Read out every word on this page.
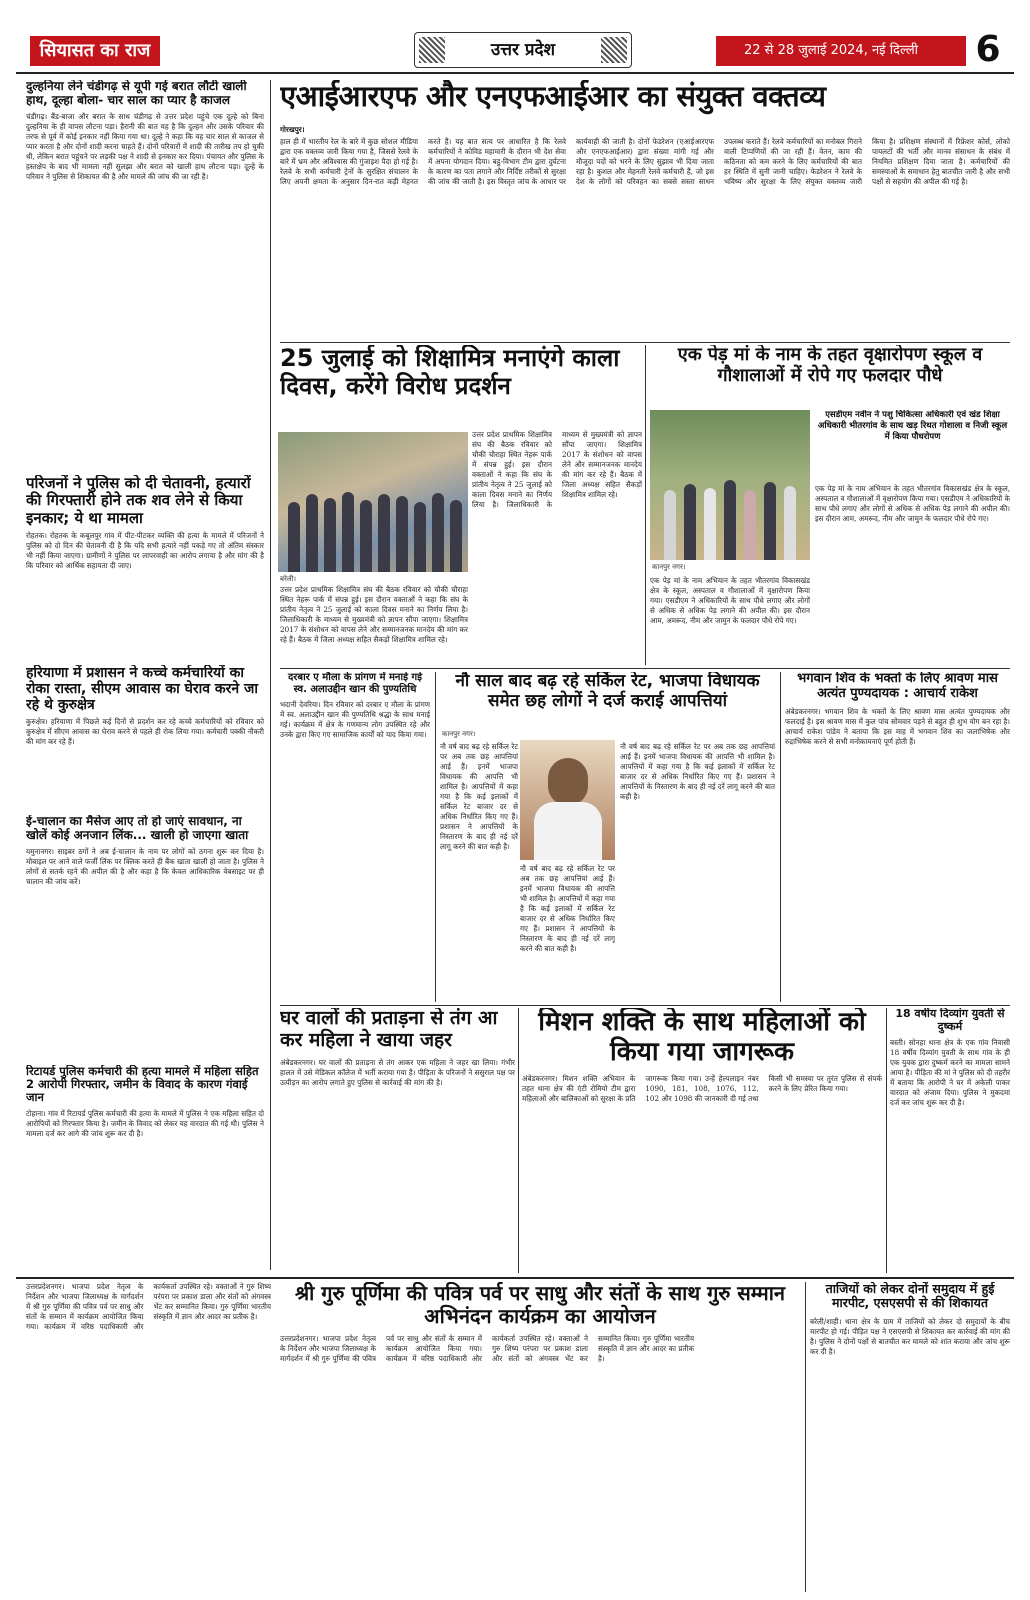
सियासत का राज	उत्तर प्रदेश	22 से 28 जुलाई 2024, नई दिल्ली	6
दुल्हनिया लेने चंडीगढ़ से यूपी गई बरात लौटी खाली हाथ, दूल्हा बोला- चार साल का प्यार है काजल
चंडीगढ़। बैंड-बाजा और बरात के साथ चंडीगढ़ से उत्तर प्रदेश पहुंचे एक दूल्हे को बिना दुल्हनिया के ही वापस लौटना पड़ा। हैरानी की बात यह है कि दुल्हन और उसके परिवार की तरफ से पूर्व में कोई इनकार नहीं किया गया था। दूल्हे ने कहा कि वह चार साल से काजल से प्यार करता है और दोनों शादी करना चाहते हैं। दोनों परिवारों में शादी की तारीख तय हो चुकी थी, लेकिन बरात पहुंचने पर लड़की पक्ष ने शादी से इनकार कर दिया। पंचायत और पुलिस के हस्तक्षेप के बाद भी मामला नहीं सुलझा और बरात को खाली हाथ लौटना पड़ा। दूल्हे के परिवार ने पुलिस से शिकायत की है और मामले की जांच की जा रही है।
परिजनों ने पुलिस को दी चेतावनी, हत्यारों की गिरफ्तारी होने तक शव लेने से किया इनकार; ये था मामला
रोहतक। रोहतक के कबूलपुर गांव में पीट-पीटकर व्यक्ति की हत्या के मामले में परिजनों ने पुलिस को दो दिन की चेतावनी दी है कि यदि सभी हत्यारे नहीं पकड़े गए तो अंतिम संस्कार भी नहीं किया जाएगा। ग्रामीणों ने पुलिस पर लापरवाही का आरोप लगाया है और मांग की है कि परिवार को आर्थिक सहायता दी जाए।
हरियाणा में प्रशासन ने कच्चे कर्मचारियों का रोका रास्ता, सीएम आवास का घेराव करने जा रहे थे कुरुक्षेत्र
कुरुक्षेत्र। हरियाणा में पिछले कई दिनों से प्रदर्शन कर रहे कच्चे कर्मचारियों को रविवार को कुरुक्षेत्र में सीएम आवास का घेराव करने से पहले ही रोक लिया गया। कर्मचारी पक्की नौकरी की मांग कर रहे हैं।
ई-चालान का मैसेज आए तो हो जाएं सावधान, ना खोलें कोई अनजान लिंक... खाली हो जाएगा खाता
यमुनानगर। साइबर ठगों ने अब ई-चालान के नाम पर लोगों को ठगना शुरू कर दिया है। मोबाइल पर आने वाले फर्जी लिंक पर क्लिक करते ही बैंक खाता खाली हो जाता है। पुलिस ने लोगों से सतर्क रहने की अपील की है और कहा है कि केवल आधिकारिक वेबसाइट पर ही चालान की जांच करें।
रिटायर्ड पुलिस कर्मचारी की हत्या मामले में महिला सहित 2 आरोपी गिरफ्तार, जमीन के विवाद के कारण गंवाई जान
टोहाना। गांव में रिटायर्ड पुलिस कर्मचारी की हत्या के मामले में पुलिस ने एक महिला सहित दो आरोपियों को गिरफ्तार किया है। जमीन के विवाद को लेकर यह वारदात की गई थी। पुलिस ने मामला दर्ज कर आगे की जांच शुरू कर दी है।
एआईआरएफ और एनएफआईआर का संयुक्त वक्तव्य
गोरखपुर।
हाल ही में भारतीय रेल के बारे में कुछ सोशल मीडिया द्वारा एक वक्तव्य जारी किया गया है, जिससे रेलवे के बारे में भ्रम और अविश्वास की गुंजाइश पैदा हो गई है। रेलवे के सभी कर्मचारी ट्रेनों के सुरक्षित संचालन के लिए अपनी क्षमता के अनुसार दिन-रात कड़ी मेहनत करते हैं। यह बात सत्य पर आधारित है कि रेलवे कर्मचारियों ने कोविड महामारी के दौरान भी देश सेवा में अपना योगदान दिया। बहु-विभाग टीम द्वारा दुर्घटना के कारण का पता लगाने और निर्दिष्ट तरीकों से सुरक्षा की जांच की जाती है। इस विस्तृत जांच के आधार पर कार्यवाही की जाती है। दोनों फेडरेशन (एआईआरएफ और एनएफआईआर) द्वारा संख्या मांगी गई और मौजूदा पदों को भरने के लिए सुझाव भी दिया जाता रहा है। कुशल और मेहनती रेलवे कर्मचारी हैं, जो इस देश के लोगों को परिवहन का सबसे सस्ता साधन उपलब्ध कराते हैं। रेलवे कर्मचारियों का मनोबल गिराने वाली टिप्पणियों की जा रही हैं। वेतन, काम की कठिनता को कम करने के लिए कर्मचारियों की बात हर स्थिति में सुनी जानी चाहिए। फेडरेशन ने रेलवे के भविष्य और सुरक्षा के लिए संयुक्त वक्तव्य जारी किया है। प्रशिक्षण संस्थानों में रिफ्रेशर कोर्स, लोको पायलटों की भर्ती और मानव संसाधन के संबंध में नियमित प्रशिक्षण दिया जाता है। कर्मचारियों की समस्याओं के समाधान हेतु बातचीत जारी है और सभी पक्षों से सहयोग की अपील की गई है।
25 जुलाई को शिक्षामित्र मनाएंगे काला दिवस, करेंगे विरोध प्रदर्शन
बरेली।
उत्तर प्रदेश प्राथमिक शिक्षामित्र संघ की बैठक रविवार को चौकी चौराहा स्थित नेहरू पार्क में संपन्न हुई। इस दौरान वक्ताओं ने कहा कि संघ के प्रांतीय नेतृत्व ने 25 जुलाई को काला दिवस मनाने का निर्णय लिया है। जिलाधिकारी के माध्यम से मुख्यमंत्री को ज्ञापन सौंपा जाएगा। शिक्षामित्र 2017 के संशोधन को वापस लेने और सम्मानजनक मानदेय की मांग कर रहे हैं। बैठक में जिला अध्यक्ष सहित सैकड़ों शिक्षामित्र शामिल रहे।
उत्तर प्रदेश प्राथमिक शिक्षामित्र संघ की बैठक रविवार को चौकी चौराहा स्थित नेहरू पार्क में संपन्न हुई। इस दौरान वक्ताओं ने कहा कि संघ के प्रांतीय नेतृत्व ने 25 जुलाई को काला दिवस मनाने का निर्णय लिया है। जिलाधिकारी के माध्यम से मुख्यमंत्री को ज्ञापन सौंपा जाएगा। शिक्षामित्र 2017 के संशोधन को वापस लेने और सम्मानजनक मानदेय की मांग कर रहे हैं। बैठक में जिला अध्यक्ष सहित सैकड़ों शिक्षामित्र शामिल रहे।
एक पेड़ मां के नाम के तहत वृक्षारोपण स्कूल व गौशालाओं में रोपे गए फलदार पौधे
कानपुर नगर।
एसडीएम नवीन ने पशु चिकित्सा अधिकारी एवं खंड शिक्षा अधिकारी भीतरगांव के साथ खड़ रिथत गोशाला व निजी स्कूल में किया पौधरोपण
एक पेड़ मां के नाम अभियान के तहत भीतरगांव विकासखंड क्षेत्र के स्कूल, अस्पताल व गौशालाओं में वृक्षारोपण किया गया। एसडीएम ने अधिकारियों के साथ पौधे लगाए और लोगों से अधिक से अधिक पेड़ लगाने की अपील की। इस दौरान आम, अमरूद, नीम और जामुन के फलदार पौधे रोपे गए।
एक पेड़ मां के नाम अभियान के तहत भीतरगांव विकासखंड क्षेत्र के स्कूल, अस्पताल व गौशालाओं में वृक्षारोपण किया गया। एसडीएम ने अधिकारियों के साथ पौधे लगाए और लोगों से अधिक से अधिक पेड़ लगाने की अपील की। इस दौरान आम, अमरूद, नीम और जामुन के फलदार पौधे रोपे गए।
दरबार ए मौला के प्रांगण में मनाई गई स्व. अलाउद्दीन खान की पुण्यतिथि
भदानी देवरिया। दिन रविवार को दरबार ए मौला के प्रांगण में स्व. अलाउद्दीन खान की पुण्यतिथि श्रद्धा के साथ मनाई गई। कार्यक्रम में क्षेत्र के गणमान्य लोग उपस्थित रहे और उनके द्वारा किए गए सामाजिक कार्यों को याद किया गया।
नौ साल बाद बढ़ रहे सर्किल रेट, भाजपा विधायक समेत छह लोगों ने दर्ज कराई आपत्तियां
कानपुर नगर।
नौ वर्ष बाद बढ़ रहे सर्किल रेट पर अब तक छह आपत्तियां आई हैं। इनमें भाजपा विधायक की आपत्ति भी शामिल है। आपत्तियों में कहा गया है कि कई इलाकों में सर्किल रेट बाजार दर से अधिक निर्धारित किए गए हैं। प्रशासन ने आपत्तियों के निस्तारण के बाद ही नई दरें लागू करने की बात कही है।
नौ वर्ष बाद बढ़ रहे सर्किल रेट पर अब तक छह आपत्तियां आई हैं। इनमें भाजपा विधायक की आपत्ति भी शामिल है। आपत्तियों में कहा गया है कि कई इलाकों में सर्किल रेट बाजार दर से अधिक निर्धारित किए गए हैं। प्रशासन ने आपत्तियों के निस्तारण के बाद ही नई दरें लागू करने की बात कही है।
नौ वर्ष बाद बढ़ रहे सर्किल रेट पर अब तक छह आपत्तियां आई हैं। इनमें भाजपा विधायक की आपत्ति भी शामिल है। आपत्तियों में कहा गया है कि कई इलाकों में सर्किल रेट बाजार दर से अधिक निर्धारित किए गए हैं। प्रशासन ने आपत्तियों के निस्तारण के बाद ही नई दरें लागू करने की बात कही है।
भगवान शिव के भक्तों के लिए श्रावण मास अत्यंत पुण्यदायक : आचार्य राकेश
अंबेडकरनगर। भगवान शिव के भक्तों के लिए श्रावण मास अत्यंत पुण्यदायक और फलदाई है। इस श्रावण मास में कुल पांच सोमवार पड़ने से बहुत ही शुभ योग बन रहा है। आचार्य राकेश पांडेय ने बताया कि इस माह में भगवान शिव का जलाभिषेक और रुद्राभिषेक करने से सभी मनोकामनाएं पूर्ण होती हैं।
घर वालों की प्रताड़ना से तंग आ कर महिला ने खाया जहर
अंबेडकरनगर। घर वालों की प्रताड़ना से तंग आकर एक महिला ने जहर खा लिया। गंभीर हालत में उसे मेडिकल कॉलेज में भर्ती कराया गया है। पीड़िता के परिजनों ने ससुराल पक्ष पर उत्पीड़न का आरोप लगाते हुए पुलिस से कार्रवाई की मांग की है।
मिशन शक्ति के साथ महिलाओं को किया गया जागरूक
अंबेडकरनगर। मिशन शक्ति अभियान के तहत थाना क्षेत्र की एंटी रोमियो टीम द्वारा महिलाओं और बालिकाओं को सुरक्षा के प्रति जागरूक किया गया। उन्हें हेल्पलाइन नंबर 1090, 181, 108, 1076, 112, 102 और 1098 की जानकारी दी गई तथा किसी भी समस्या पर तुरंत पुलिस से संपर्क करने के लिए प्रेरित किया गया।
18 वर्षीय दिव्यांग युवती से दुष्कर्म
बस्ती। सोनहा थाना क्षेत्र के एक गांव निवासी 18 वर्षीय दिव्यांग युवती के साथ गांव के ही एक युवक द्वारा दुष्कर्म करने का मामला सामने आया है। पीड़िता की मां ने पुलिस को दी तहरीर में बताया कि आरोपी ने घर में अकेली पाकर वारदात को अंजाम दिया। पुलिस ने मुकदमा दर्ज कर जांच शुरू कर दी है।
श्री गुरु पूर्णिमा की पवित्र पर्व पर साधु और संतों के साथ गुरु सम्मान अभिनंदन कार्यक्रम का आयोजन
उत्तरप्रदेशनगर। भाजपा प्रदेश नेतृत्व के निर्देशन और भाजपा जिलाध्यक्ष के मार्गदर्शन में श्री गुरु पूर्णिमा की पवित्र पर्व पर साधु और संतों के सम्मान में कार्यक्रम आयोजित किया गया। कार्यक्रम में वरिष्ठ पदाधिकारी और कार्यकर्ता उपस्थित रहे। वक्ताओं ने गुरु शिष्य परंपरा पर प्रकाश डाला और संतों को अंगवस्त्र भेंट कर सम्मानित किया। गुरु पूर्णिमा भारतीय संस्कृति में ज्ञान और आदर का प्रतीक है।
उत्तरप्रदेशनगर। भाजपा प्रदेश नेतृत्व के निर्देशन और भाजपा जिलाध्यक्ष के मार्गदर्शन में श्री गुरु पूर्णिमा की पवित्र पर्व पर साधु और संतों के सम्मान में कार्यक्रम आयोजित किया गया। कार्यक्रम में वरिष्ठ पदाधिकारी और कार्यकर्ता उपस्थित रहे। वक्ताओं ने गुरु शिष्य परंपरा पर प्रकाश डाला और संतों को अंगवस्त्र भेंट कर सम्मानित किया। गुरु पूर्णिमा भारतीय संस्कृति में ज्ञान और आदर का प्रतीक है।
ताजियों को लेकर दोनों समुदाय में हुई मारपीट, एसएसपी से की शिकायत
बरेली/शाही। थाना क्षेत्र के ग्राम में ताजियों को लेकर दो समुदायों के बीच मारपीट हो गई। पीड़ित पक्ष ने एसएसपी से शिकायत कर कार्रवाई की मांग की है। पुलिस ने दोनों पक्षों से बातचीत कर मामले को शांत कराया और जांच शुरू कर दी है।
